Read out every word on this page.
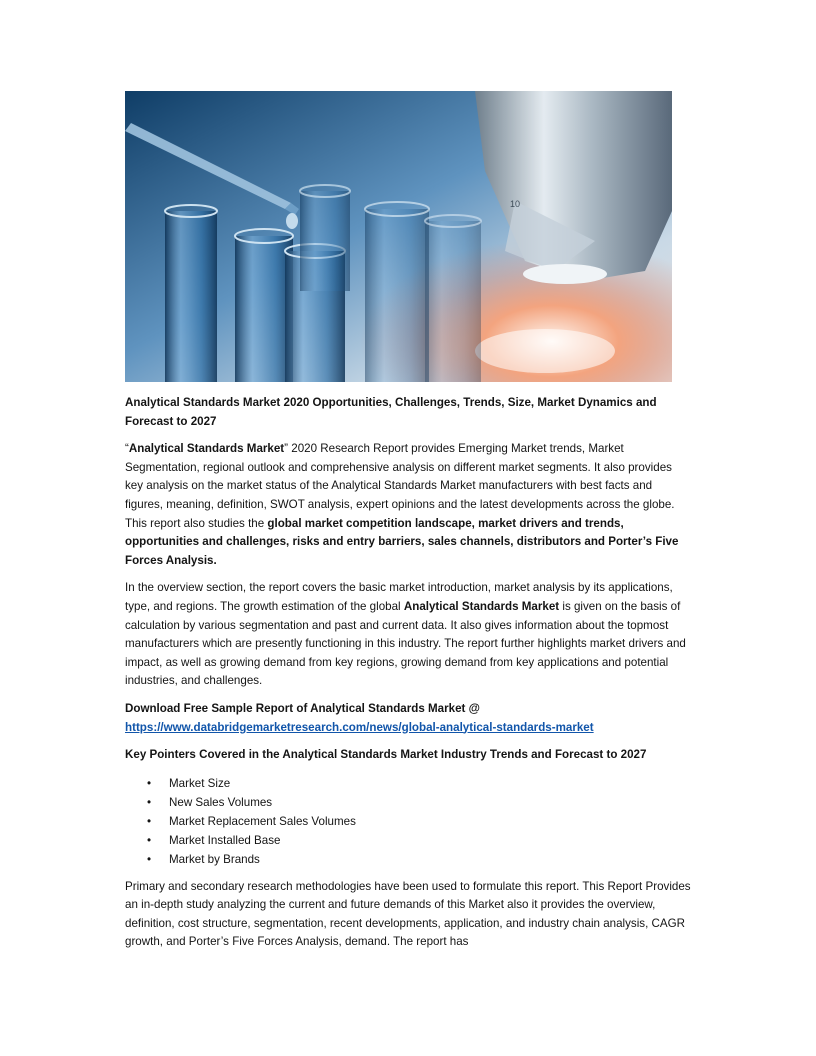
10
Analytical Standards Market 2020 Opportunities, Challenges, Trends, Size, Market Dynamics and Forecast to 2027

“Analytical Standards Market” 2020 Research Report provides Emerging Market trends, Market Segmentation, regional outlook and comprehensive analysis on different market segments. It also provides key analysis on the market status of the Analytical Standards Market manufacturers with best facts and figures, meaning, definition, SWOT analysis, expert opinions and the latest developments across the globe. This report also studies the global market competition landscape, market drivers and trends, opportunities and challenges, risks and entry barriers, sales channels, distributors and Porter’s Five Forces Analysis.

In the overview section, the report covers the basic market introduction, market analysis by its applications, type, and regions. The growth estimation of the global Analytical Standards Market is given on the basis of calculation by various segmentation and past and current data. It also gives information about the topmost manufacturers which are presently functioning in this industry. The report further highlights market drivers and impact, as well as growing demand from key regions, growing demand from key applications and potential industries, and challenges.

Download Free Sample Report of Analytical Standards Market @
https://www.databridgemarketresearch.com/news/global-analytical-standards-market

Key Pointers Covered in the Analytical Standards Market Industry Trends and Forecast to 2027

• Market Size
• New Sales Volumes
• Market Replacement Sales Volumes
• Market Installed Base
• Market by Brands

Primary and secondary research methodologies have been used to formulate this report. This Report Provides an in-depth study analyzing the current and future demands of this Market also it provides the overview, definition, cost structure, segmentation, recent developments, application, and industry chain analysis, CAGR growth, and Porter’s Five Forces Analysis, demand. The report has
